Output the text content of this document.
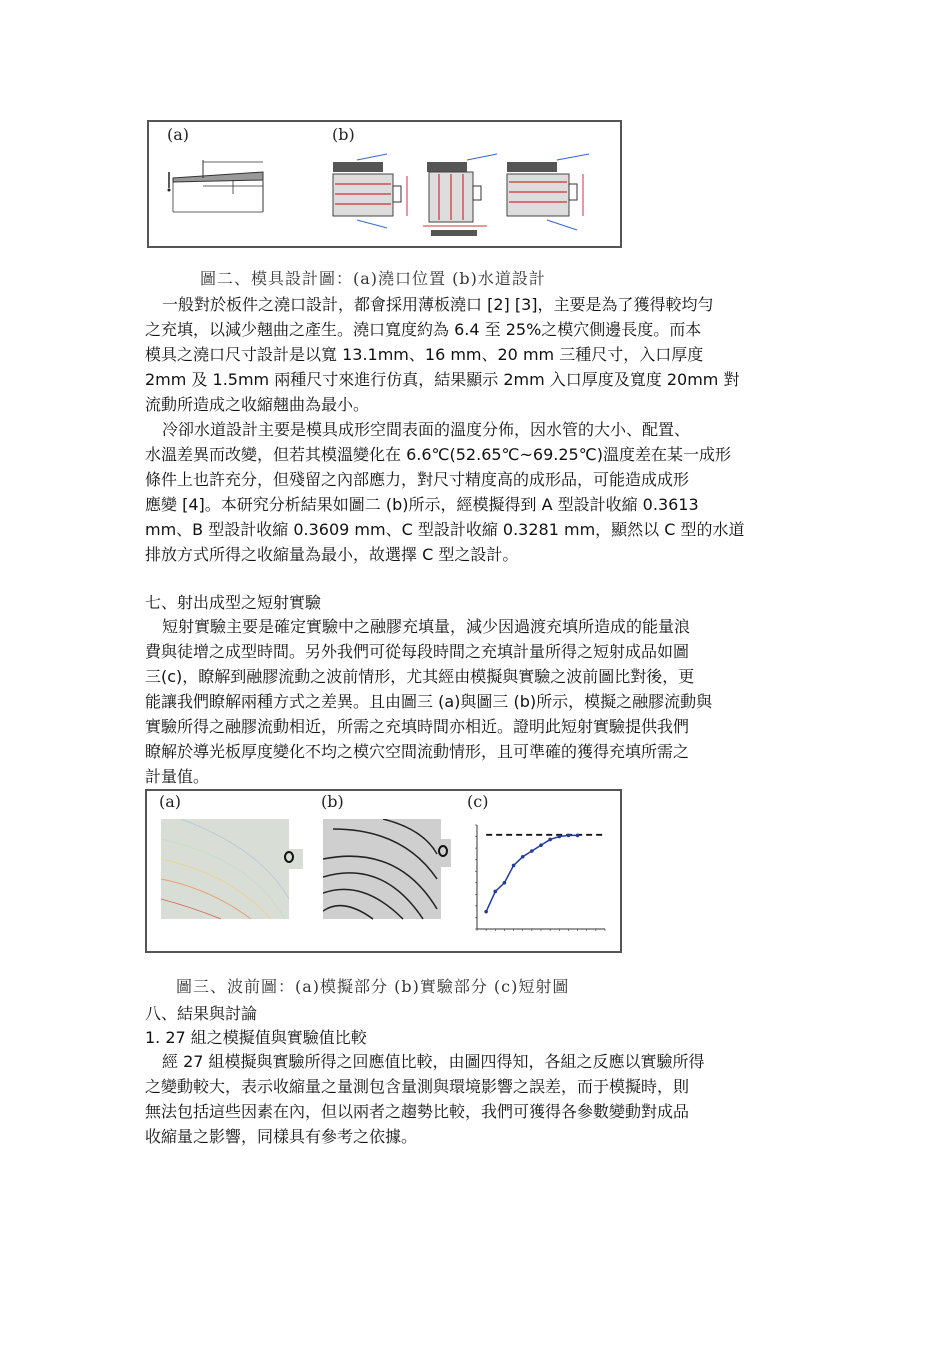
(a)	(b)
圖二、模具設計圖：(a)澆口位置 (b)水道設計
一般對於板件之澆口設計，都會採用薄板澆口 [2] [3]，主要是為了獲得較均勻
之充填，以減少翹曲之產生。澆口寬度約為 6.4 至 25%之模穴側邊長度。而本
模具之澆口尺寸設計是以寬 13.1mm、16 mm、20 mm 三種尺寸，入口厚度
2mm 及 1.5mm 兩種尺寸來進行仿真，結果顯示 2mm 入口厚度及寬度 20mm 對
流動所造成之收縮翹曲為最小。
冷卻水道設計主要是模具成形空間表面的溫度分佈，因水管的大小、配置、
水溫差異而改變，但若其模溫變化在 6.6℃(52.65℃~69.25℃)溫度差在某一成形
條件上也許充分，但殘留之內部應力，對尺寸精度高的成形品，可能造成成形
應變 [4]。本研究分析結果如圖二 (b)所示，經模擬得到 A 型設計收縮 0.3613
mm、B 型設計收縮 0.3609 mm、C 型設計收縮 0.3281 mm，顯然以 C 型的水道
排放方式所得之收縮量為最小，故選擇 C 型之設計。
七、射出成型之短射實驗
短射實驗主要是確定實驗中之融膠充填量，減少因過渡充填所造成的能量浪
費與徒增之成型時間。另外我們可從每段時間之充填計量所得之短射成品如圖
三(c)，瞭解到融膠流動之波前情形，尤其經由模擬與實驗之波前圖比對後，更
能讓我們瞭解兩種方式之差異。且由圖三 (a)與圖三 (b)所示，模擬之融膠流動與
實驗所得之融膠流動相近，所需之充填時間亦相近。證明此短射實驗提供我們
瞭解於導光板厚度變化不均之模穴空間流動情形，且可準確的獲得充填所需之
計量值。
(a)	(b)	(c)
圖三、波前圖：(a)模擬部分 (b)實驗部分 (c)短射圖
八、結果與討論
1. 27 組之模擬值與實驗值比較
經 27 組模擬與實驗所得之回應值比較，由圖四得知，各組之反應以實驗所得
之變動較大，表示收縮量之量測包含量測與環境影響之誤差，而于模擬時，則
無法包括這些因素在內，但以兩者之趨勢比較，我們可獲得各參數變動對成品
收縮量之影響，同樣具有參考之依據。
